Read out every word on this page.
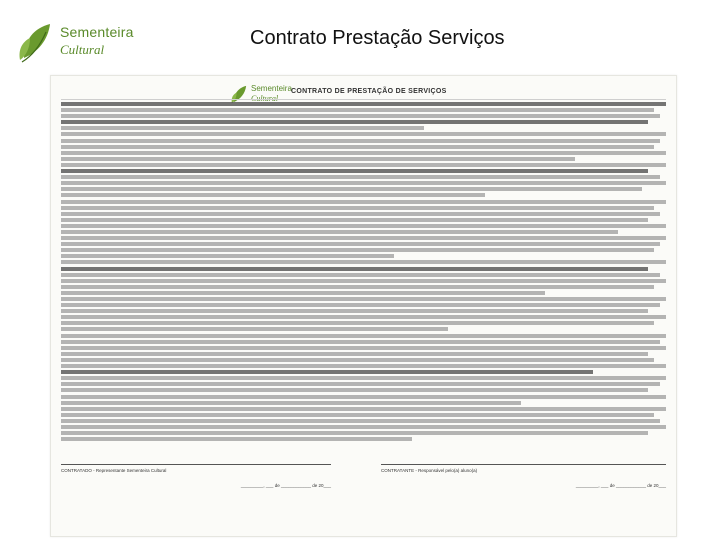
Sementeira
Cultural
Contrato Prestação Serviços
Sementeira CONTRATO DE PRESTAÇÃO DE SERVIÇOS
CONTRATADO - Representante Sementeira Cultural
_________, ___ de ____________ de 20___
CONTRATANTE - Responsável pelo(a) aluno(a)
_________, ___ de ____________ de 20___
